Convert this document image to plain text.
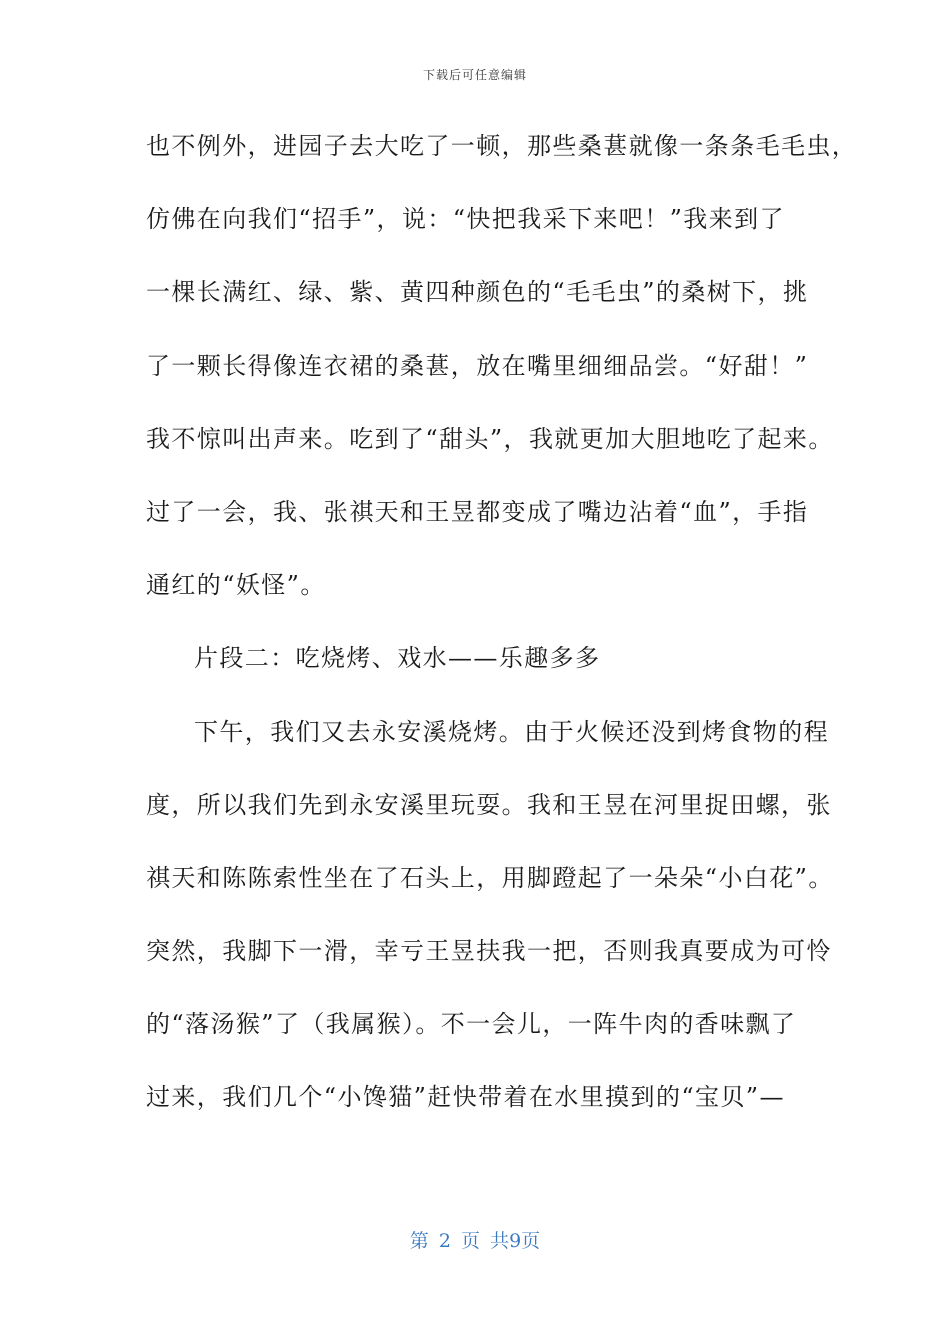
下载后可任意编辑
也不例外，进园子去大吃了一顿，那些桑葚就像一条条毛毛虫，
仿佛在向我们“招手”，说：“快把我采下来吧！”我来到了
一棵长满红、绿、紫、黄四种颜色的“毛毛虫”的桑树下，挑
了一颗长得像连衣裙的桑葚，放在嘴里细细品尝。“好甜！”
我不惊叫出声来。吃到了“甜头”，我就更加大胆地吃了起来。
过了一会，我、张祺天和王昱都变成了嘴边沾着“血”，手指
通红的“妖怪”。
片段二：吃烧烤、戏水——乐趣多多
下午，我们又去永安溪烧烤。由于火候还没到烤食物的程
度，所以我们先到永安溪里玩耍。我和王昱在河里捉田螺，张
祺天和陈陈索性坐在了石头上，用脚蹬起了一朵朵“小白花”。
突然，我脚下一滑，幸亏王昱扶我一把，否则我真要成为可怜
的“落汤猴”了（我属猴）。不一会儿，一阵牛肉的香味飘了
过来，我们几个“小馋猫”赶快带着在水里摸到的“宝贝”—
第 2 页 共9页
